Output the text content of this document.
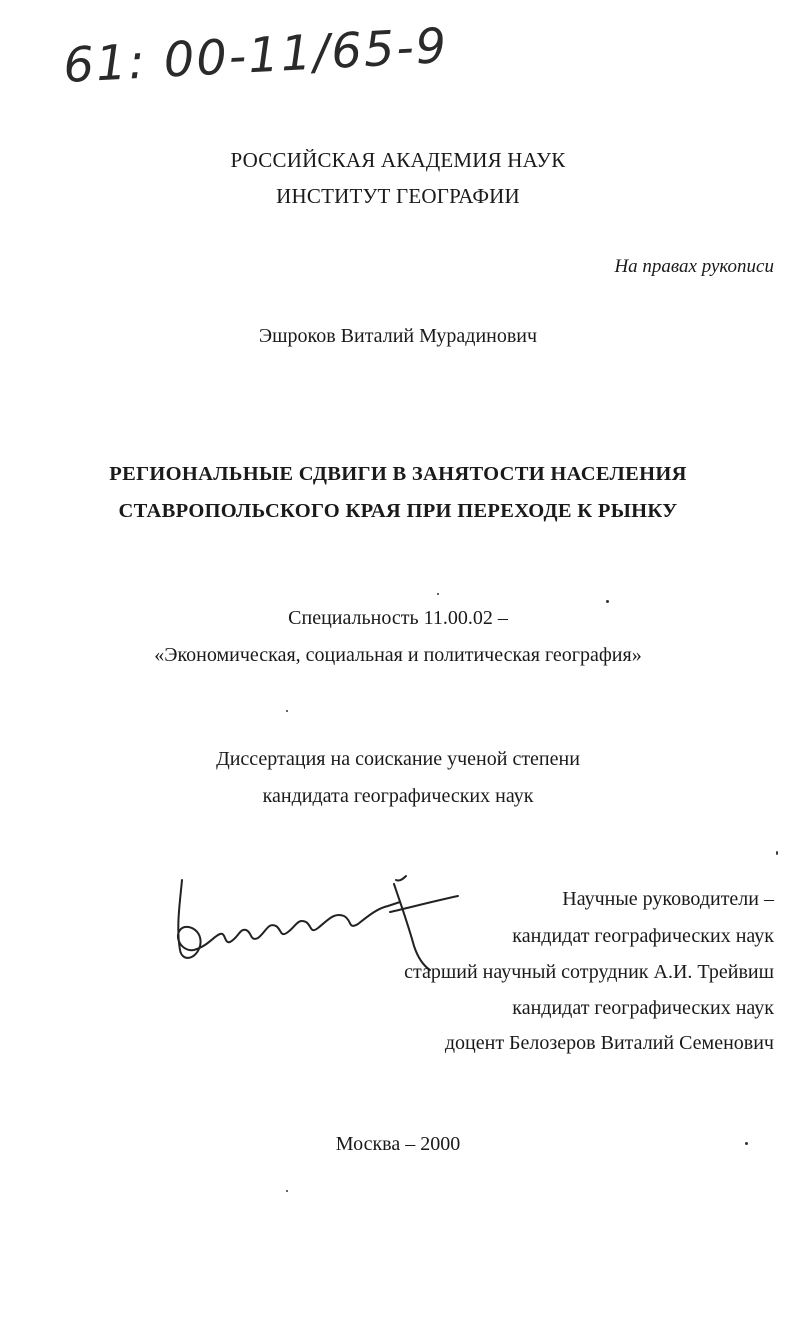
61: 00-11/65-9
РОССИЙСКАЯ АКАДЕМИЯ НАУК
ИНСТИТУТ ГЕОГРАФИИ
На правах рукописи
Эшроков Виталий Мурадинович
РЕГИОНАЛЬНЫЕ СДВИГИ В ЗАНЯТОСТИ НАСЕЛЕНИЯ
СТАВРОПОЛЬСКОГО КРАЯ ПРИ ПЕРЕХОДЕ К РЫНКУ
Специальность 11.00.02 –
«Экономическая, социальная и политическая география»
Диссертация на соискание ученой степени
кандидата географических наук
Научные руководители –
кандидат географических наук
старший научный сотрудник А.И. Трейвиш
кандидат географических наук
доцент Белозеров Виталий Семенович
Москва – 2000
